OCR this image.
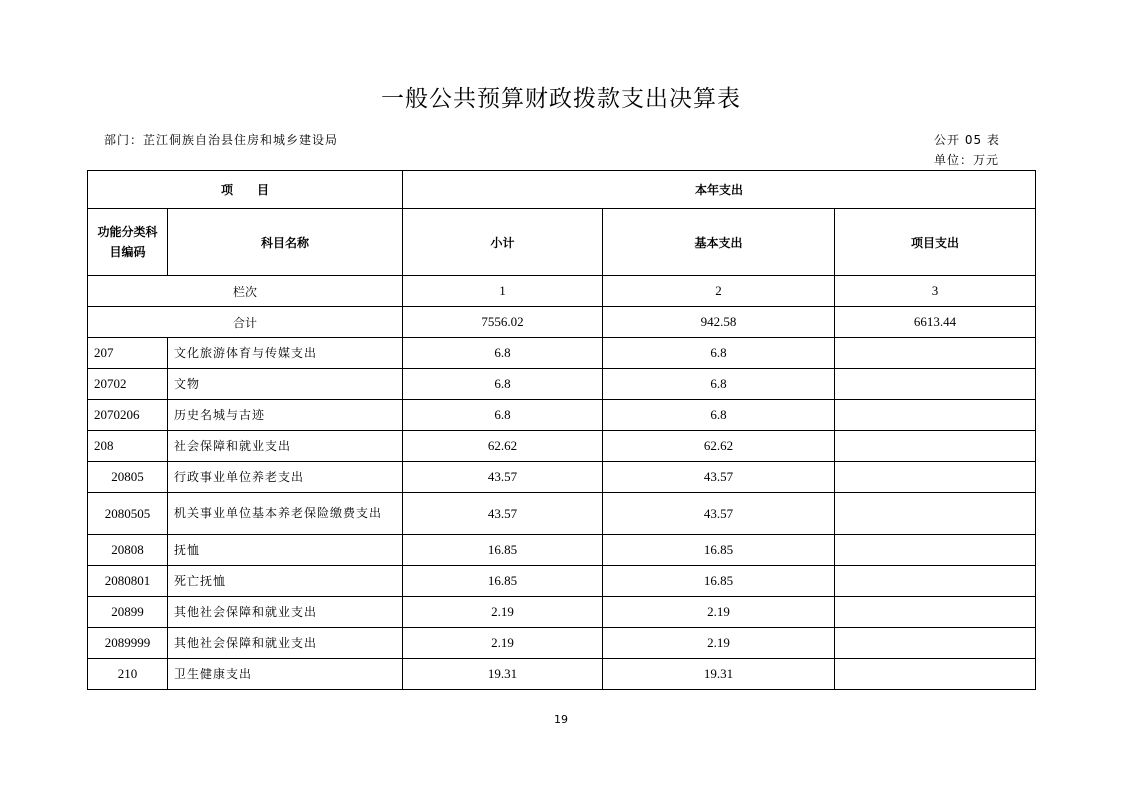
一般公共预算财政拨款支出决算表
部门：芷江侗族自治县住房和城乡建设局	公开 05 表
单位：万元
项　　目		本年支出		
功能分类科目编码	科目名称	小计	基本支出	项目支出
栏次		1	2	3
合计		7556.02	942.58	6613.44
207	文化旅游体育与传媒支出	6.8	6.8	
20702	文物	6.8	6.8	
2070206	历史名城与古迹	6.8	6.8	
208	社会保障和就业支出	62.62	62.62	
20805	行政事业单位养老支出	43.57	43.57	
2080505	机关事业单位基本养老保险缴费支出	43.57	43.57	
20808	抚恤	16.85	16.85	
2080801	死亡抚恤	16.85	16.85	
20899	其他社会保障和就业支出	2.19	2.19	
2089999	其他社会保障和就业支出	2.19	2.19	
210	卫生健康支出	19.31	19.31	
19
